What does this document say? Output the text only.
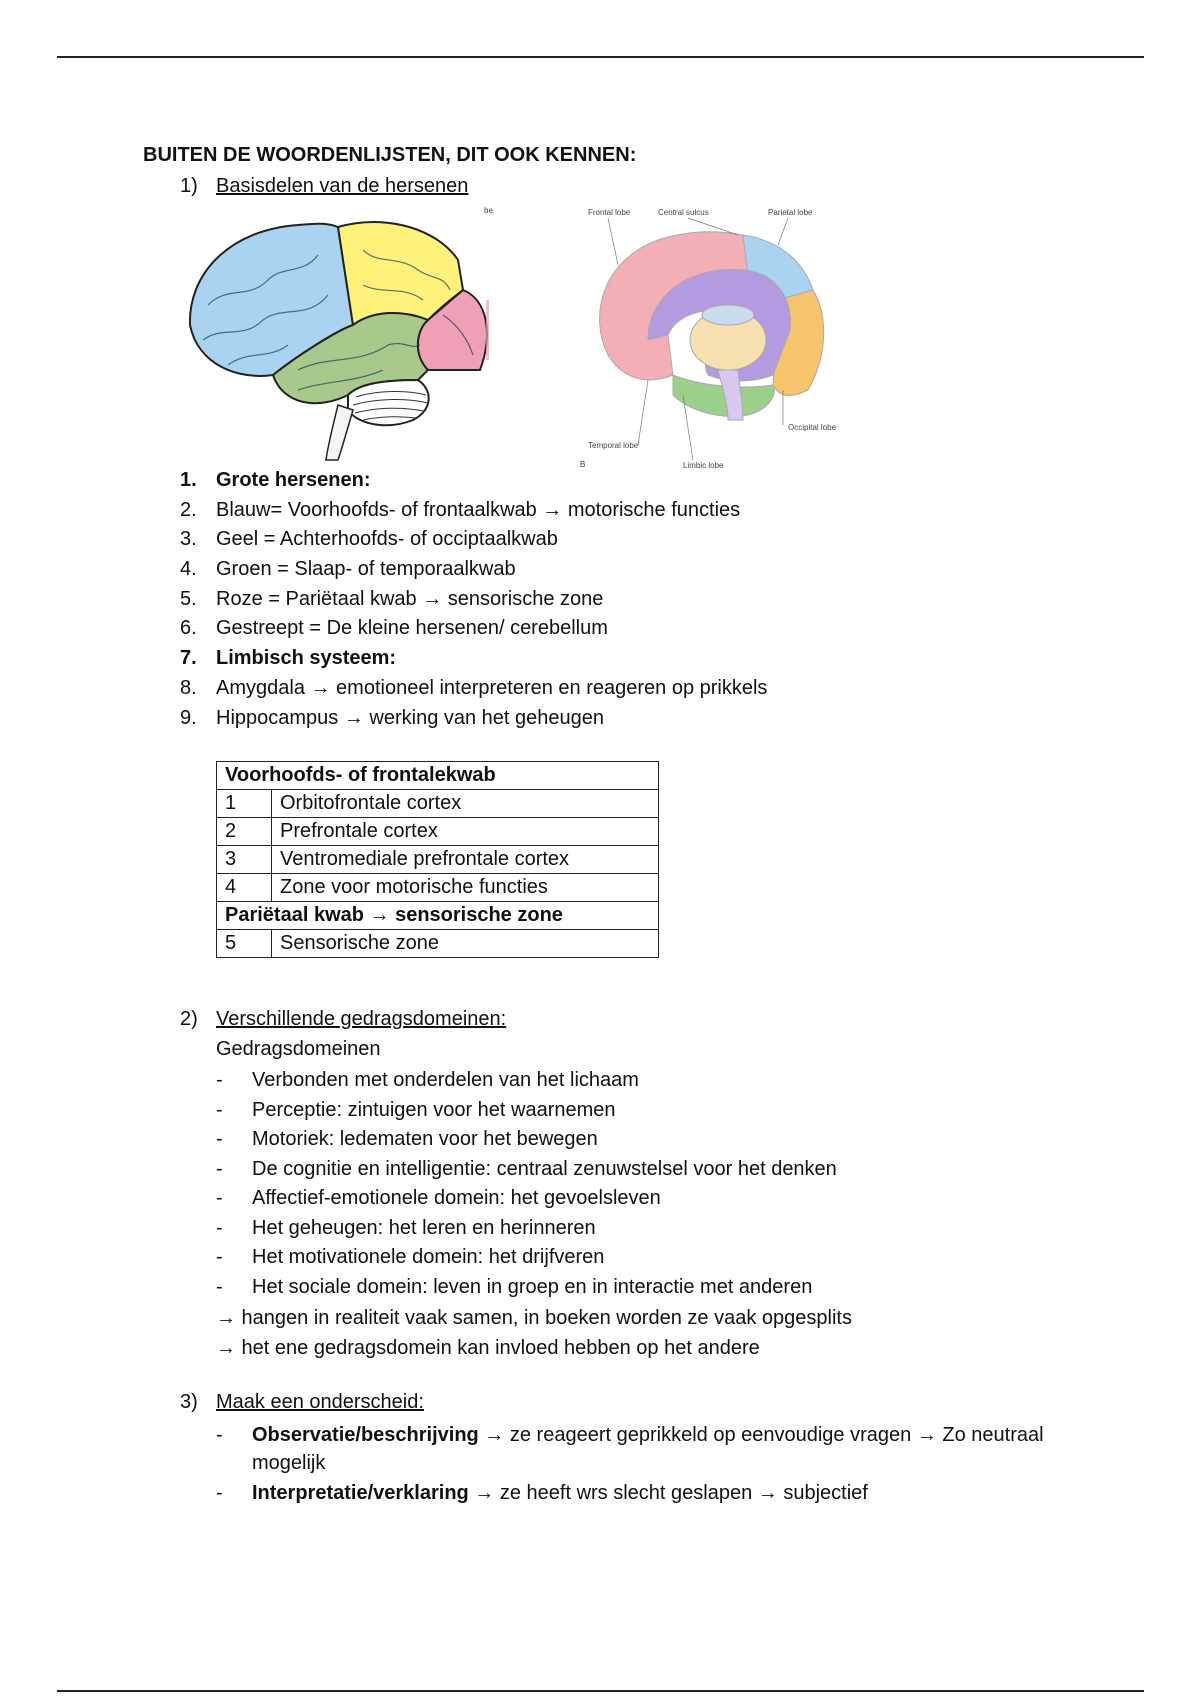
BUITEN DE WOORDENLIJSTEN, DIT OOK KENNEN:
1) Basisdelen van de hersenen
be	Frontal lobe	Central sulcus	Parietal lobe
Occipital lobe
Temporal lobe
Limbic lobe
B
1. Grote hersenen:
2. Blauw= Voorhoofds- of frontaalkwab → motorische functies
3. Geel = Achterhoofds- of occiptaalkwab
4. Groen = Slaap- of temporaalkwab
5. Roze = Pariëtaal kwab → sensorische zone
6. Gestreept = De kleine hersenen/ cerebellum
7. Limbisch systeem:
8. Amygdala → emotioneel interpreteren en reageren op prikkels
9. Hippocampus → werking van het geheugen
Voorhoofds- of frontalekwab	
1	Orbitofrontale cortex
2	Prefrontale cortex
3	Ventromediale prefrontale cortex
4	Zone voor motorische functies
Pariëtaal kwab → sensorische zone	
5	Sensorische zone
2) Verschillende gedragsdomeinen:
Gedragsdomeinen
- Verbonden met onderdelen van het lichaam
- Perceptie: zintuigen voor het waarnemen
- Motoriek: ledematen voor het bewegen
- De cognitie en intelligentie: centraal zenuwstelsel voor het denken
- Affectief-emotionele domein: het gevoelsleven
- Het geheugen: het leren en herinneren
- Het motivationele domein: het drijfveren
- Het sociale domein: leven in groep en in interactie met anderen
→ hangen in realiteit vaak samen, in boeken worden ze vaak opgesplits
→ het ene gedragsdomein kan invloed hebben op het andere
3) Maak een onderscheid:
- Observatie/beschrijving → ze reageert geprikkeld op eenvoudige vragen → Zo neutraal mogelijk
- Interpretatie/verklaring → ze heeft wrs slecht geslapen → subjectief
